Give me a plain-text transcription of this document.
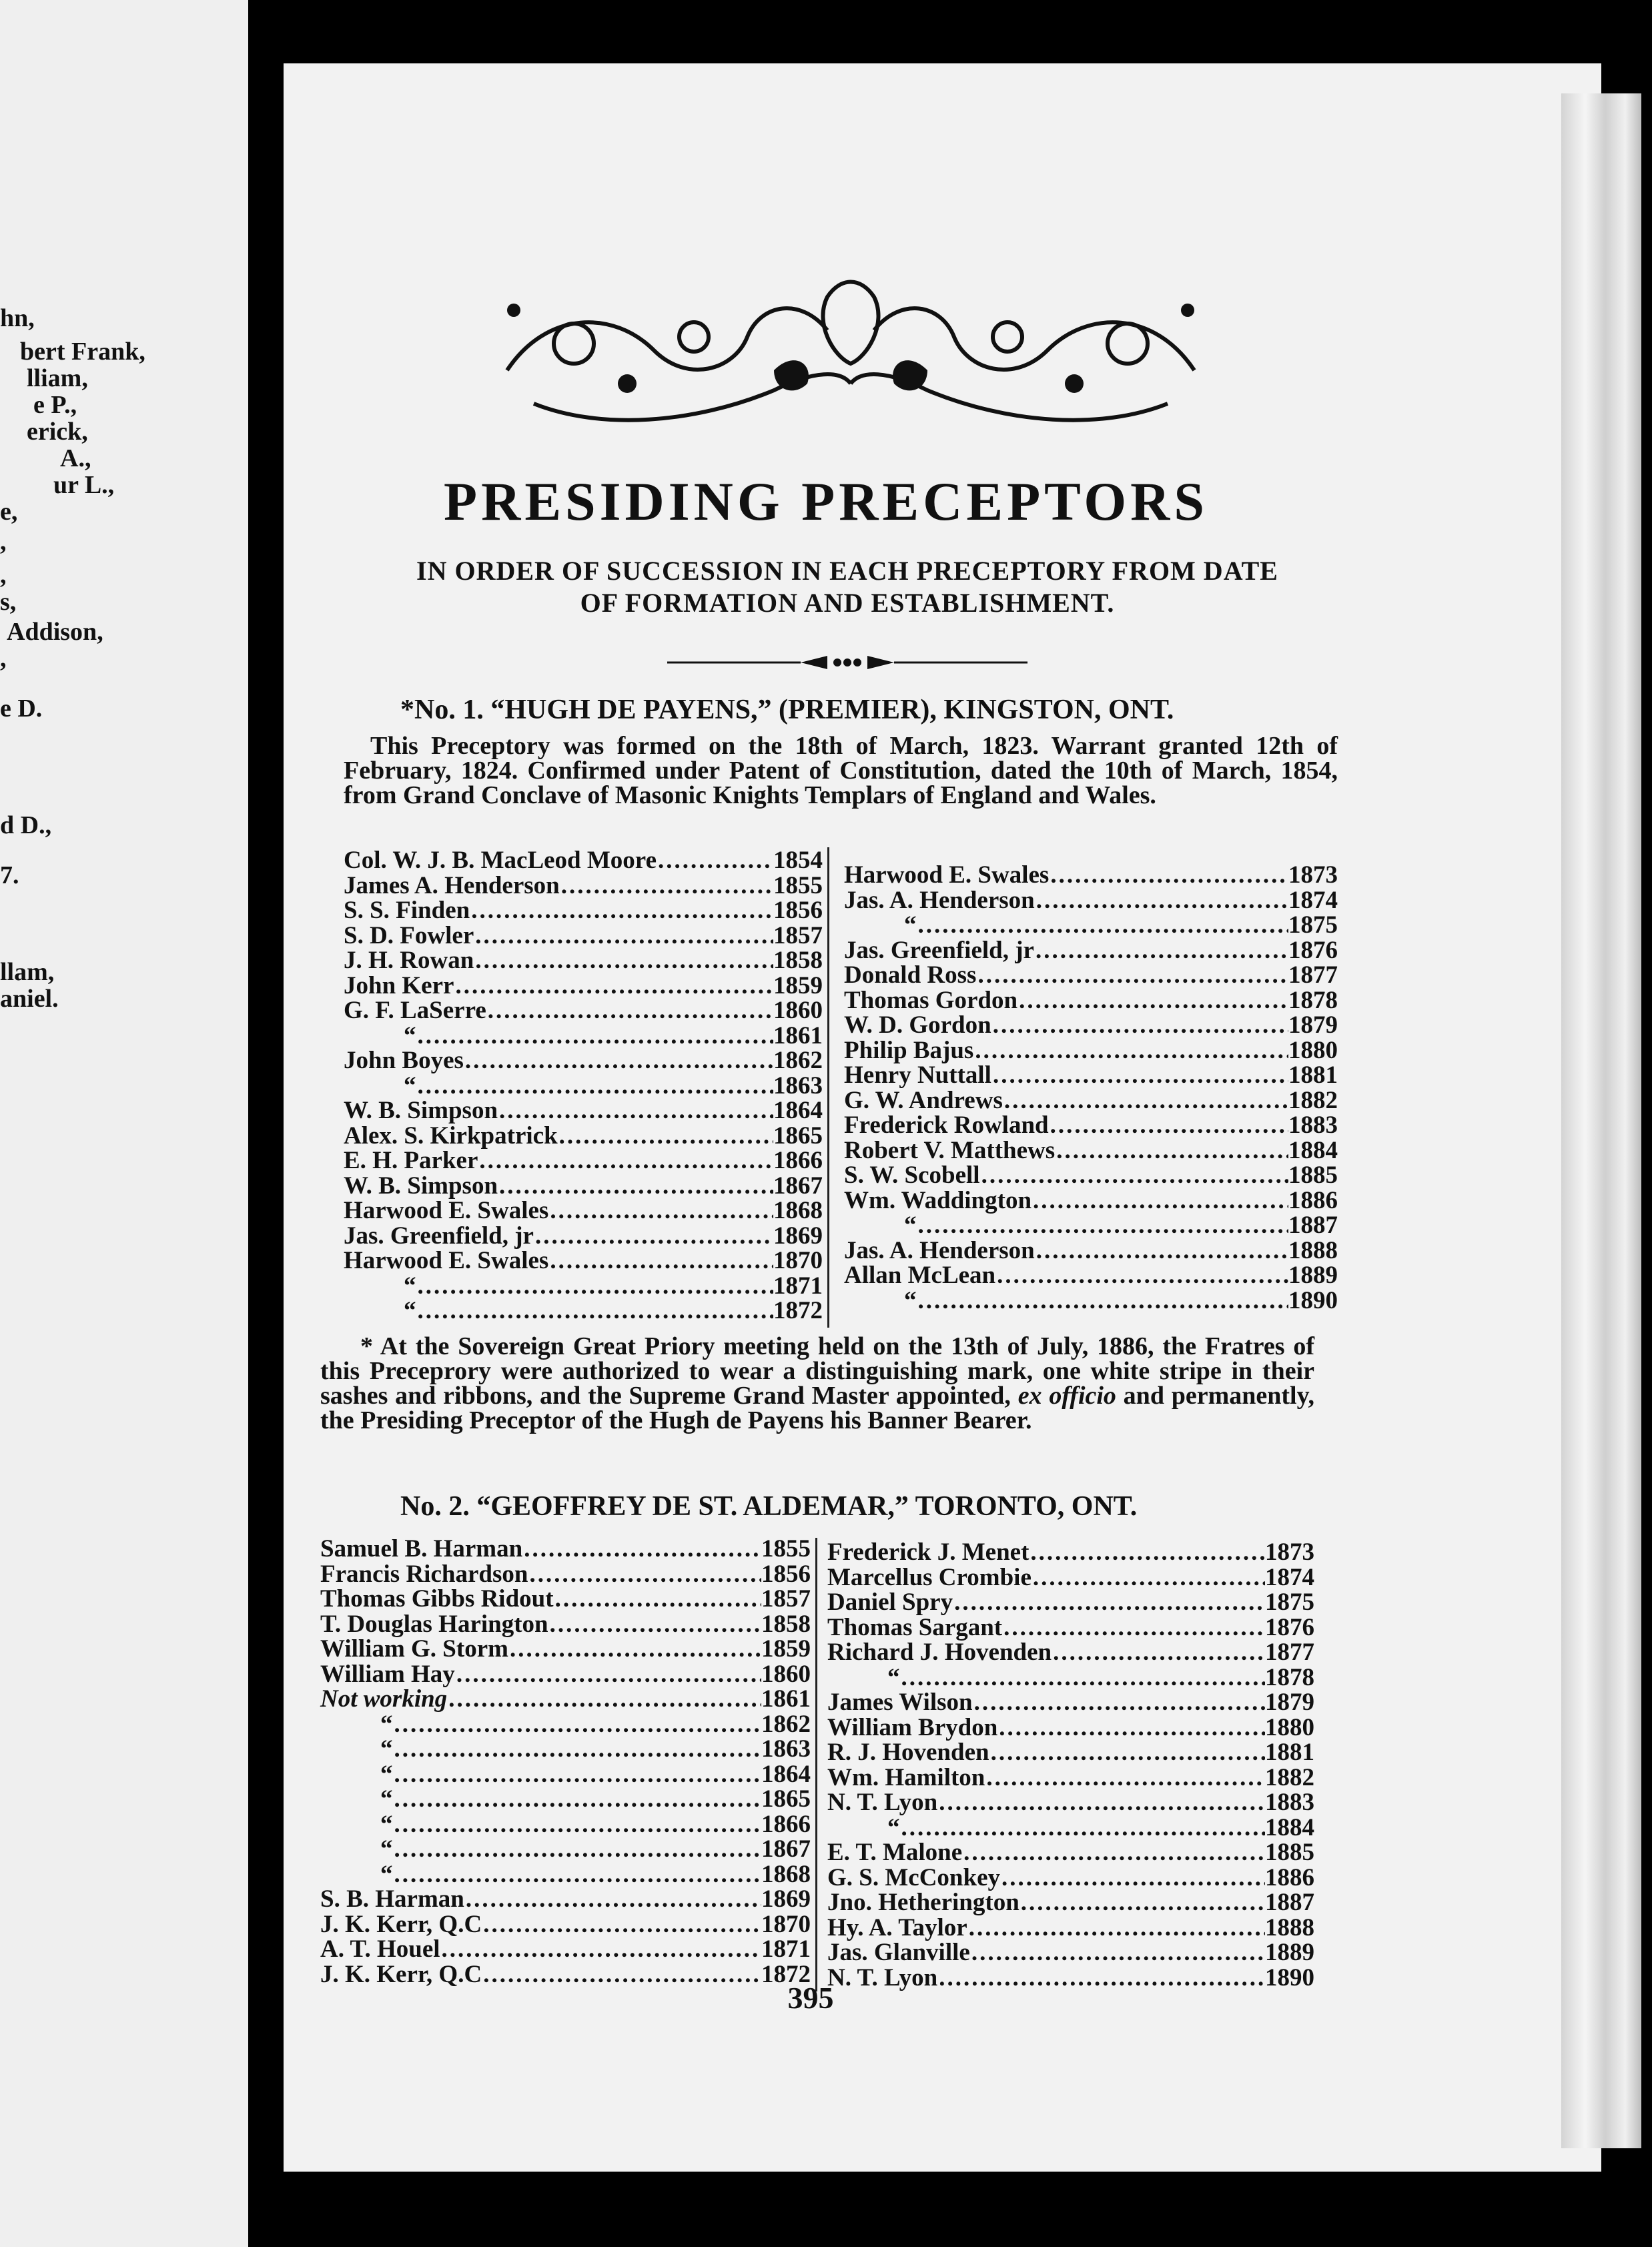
hn,
bert Frank,
lliam,
e P.,
erick,
A.,
ur L.,
e,
,
,
s,
Addison,
,
e D.
d D.,
7.
llam,
aniel.
PRESIDING PRECEPTORS
IN ORDER OF SUCCESSION IN EACH PRECEPTORY FROM DATE
OF FORMATION AND ESTABLISHMENT.
*No. 1. “HUGH DE PAYENS,” (PREMIER), KINGSTON, ONT.
This Preceptory was formed on the 18th of March, 1823. Warrant granted 12th of February, 1824. Confirmed under Patent of Constitution, dated the 10th of March, 1854, from Grand Conclave of Masonic Knights Templars of England and Wales.
Col. W. J. B. MacLeod Moore .....	1854
James A. Henderson .....	1855
S. S. Finden .....	1856
S. D. Fowler .....	1857
J. H. Rowan .....	1858
John Kerr .....	1859
G. F. LaSerre .....	1860
“ .....	1861
John Boyes .....	1862
“ .....	1863
W. B. Simpson .....	1864
Alex. S. Kirkpatrick .....	1865
E. H. Parker .....	1866
W. B. Simpson .....	1867
Harwood E. Swales .....	1868
Jas. Greenfield, jr .....	1869
Harwood E. Swales .....	1870
“ .....	1871
“ .....	1872
Harwood E. Swales .....	1873
Jas. A. Henderson .....	1874
“ .....	1875
Jas. Greenfield, jr .....	1876
Donald Ross .....	1877
Thomas Gordon .....	1878
W. D. Gordon .....	1879
Philip Bajus .....	1880
Henry Nuttall .....	1881
G. W. Andrews .....	1882
Frederick Rowland .....	1883
Robert V. Matthews .....	1884
S. W. Scobell .....	1885
Wm. Waddington .....	1886
“ .....	1887
Jas. A. Henderson .....	1888
Allan McLean .....	1889
“ .....	1890
* At the Sovereign Great Priory meeting held on the 13th of July, 1886, the Fratres of this Preceprory were authorized to wear a distinguishing mark, one white stripe in their sashes and ribbons, and the Supreme Grand Master appointed, ex officio and permanently, the Presiding Preceptor of the Hugh de Payens his Banner Bearer.
No. 2. “GEOFFREY DE ST. ALDEMAR,” TORONTO, ONT.
Samuel B. Harman .....	1855
Francis Richardson .....	1856
Thomas Gibbs Ridout .....	1857
T. Douglas Harington .....	1858
William G. Storm .....	1859
William Hay .....	1860
Not working .....	1861
“ .....	1862
“ .....	1863
“ .....	1864
“ .....	1865
“ .....	1866
“ .....	1867
“ .....	1868
S. B. Harman .....	1869
J. K. Kerr, Q.C .....	1870
A. T. Houel .....	1871
J. K. Kerr, Q.C .....	1872
Frederick J. Menet .....	1873
Marcellus Crombie .....	1874
Daniel Spry .....	1875
Thomas Sargant .....	1876
Richard J. Hovenden .....	1877
“ .....	1878
James Wilson .....	1879
William Brydon .....	1880
R. J. Hovenden .....	1881
Wm. Hamilton .....	1882
N. T. Lyon .....	1883
“ .....	1884
E. T. Malone .....	1885
G. S. McConkey .....	1886
Jno. Hetherington .....	1887
Hy. A. Taylor .....	1888
Jas. Glanville .....	1889
N. T. Lyon .....	1890
395
